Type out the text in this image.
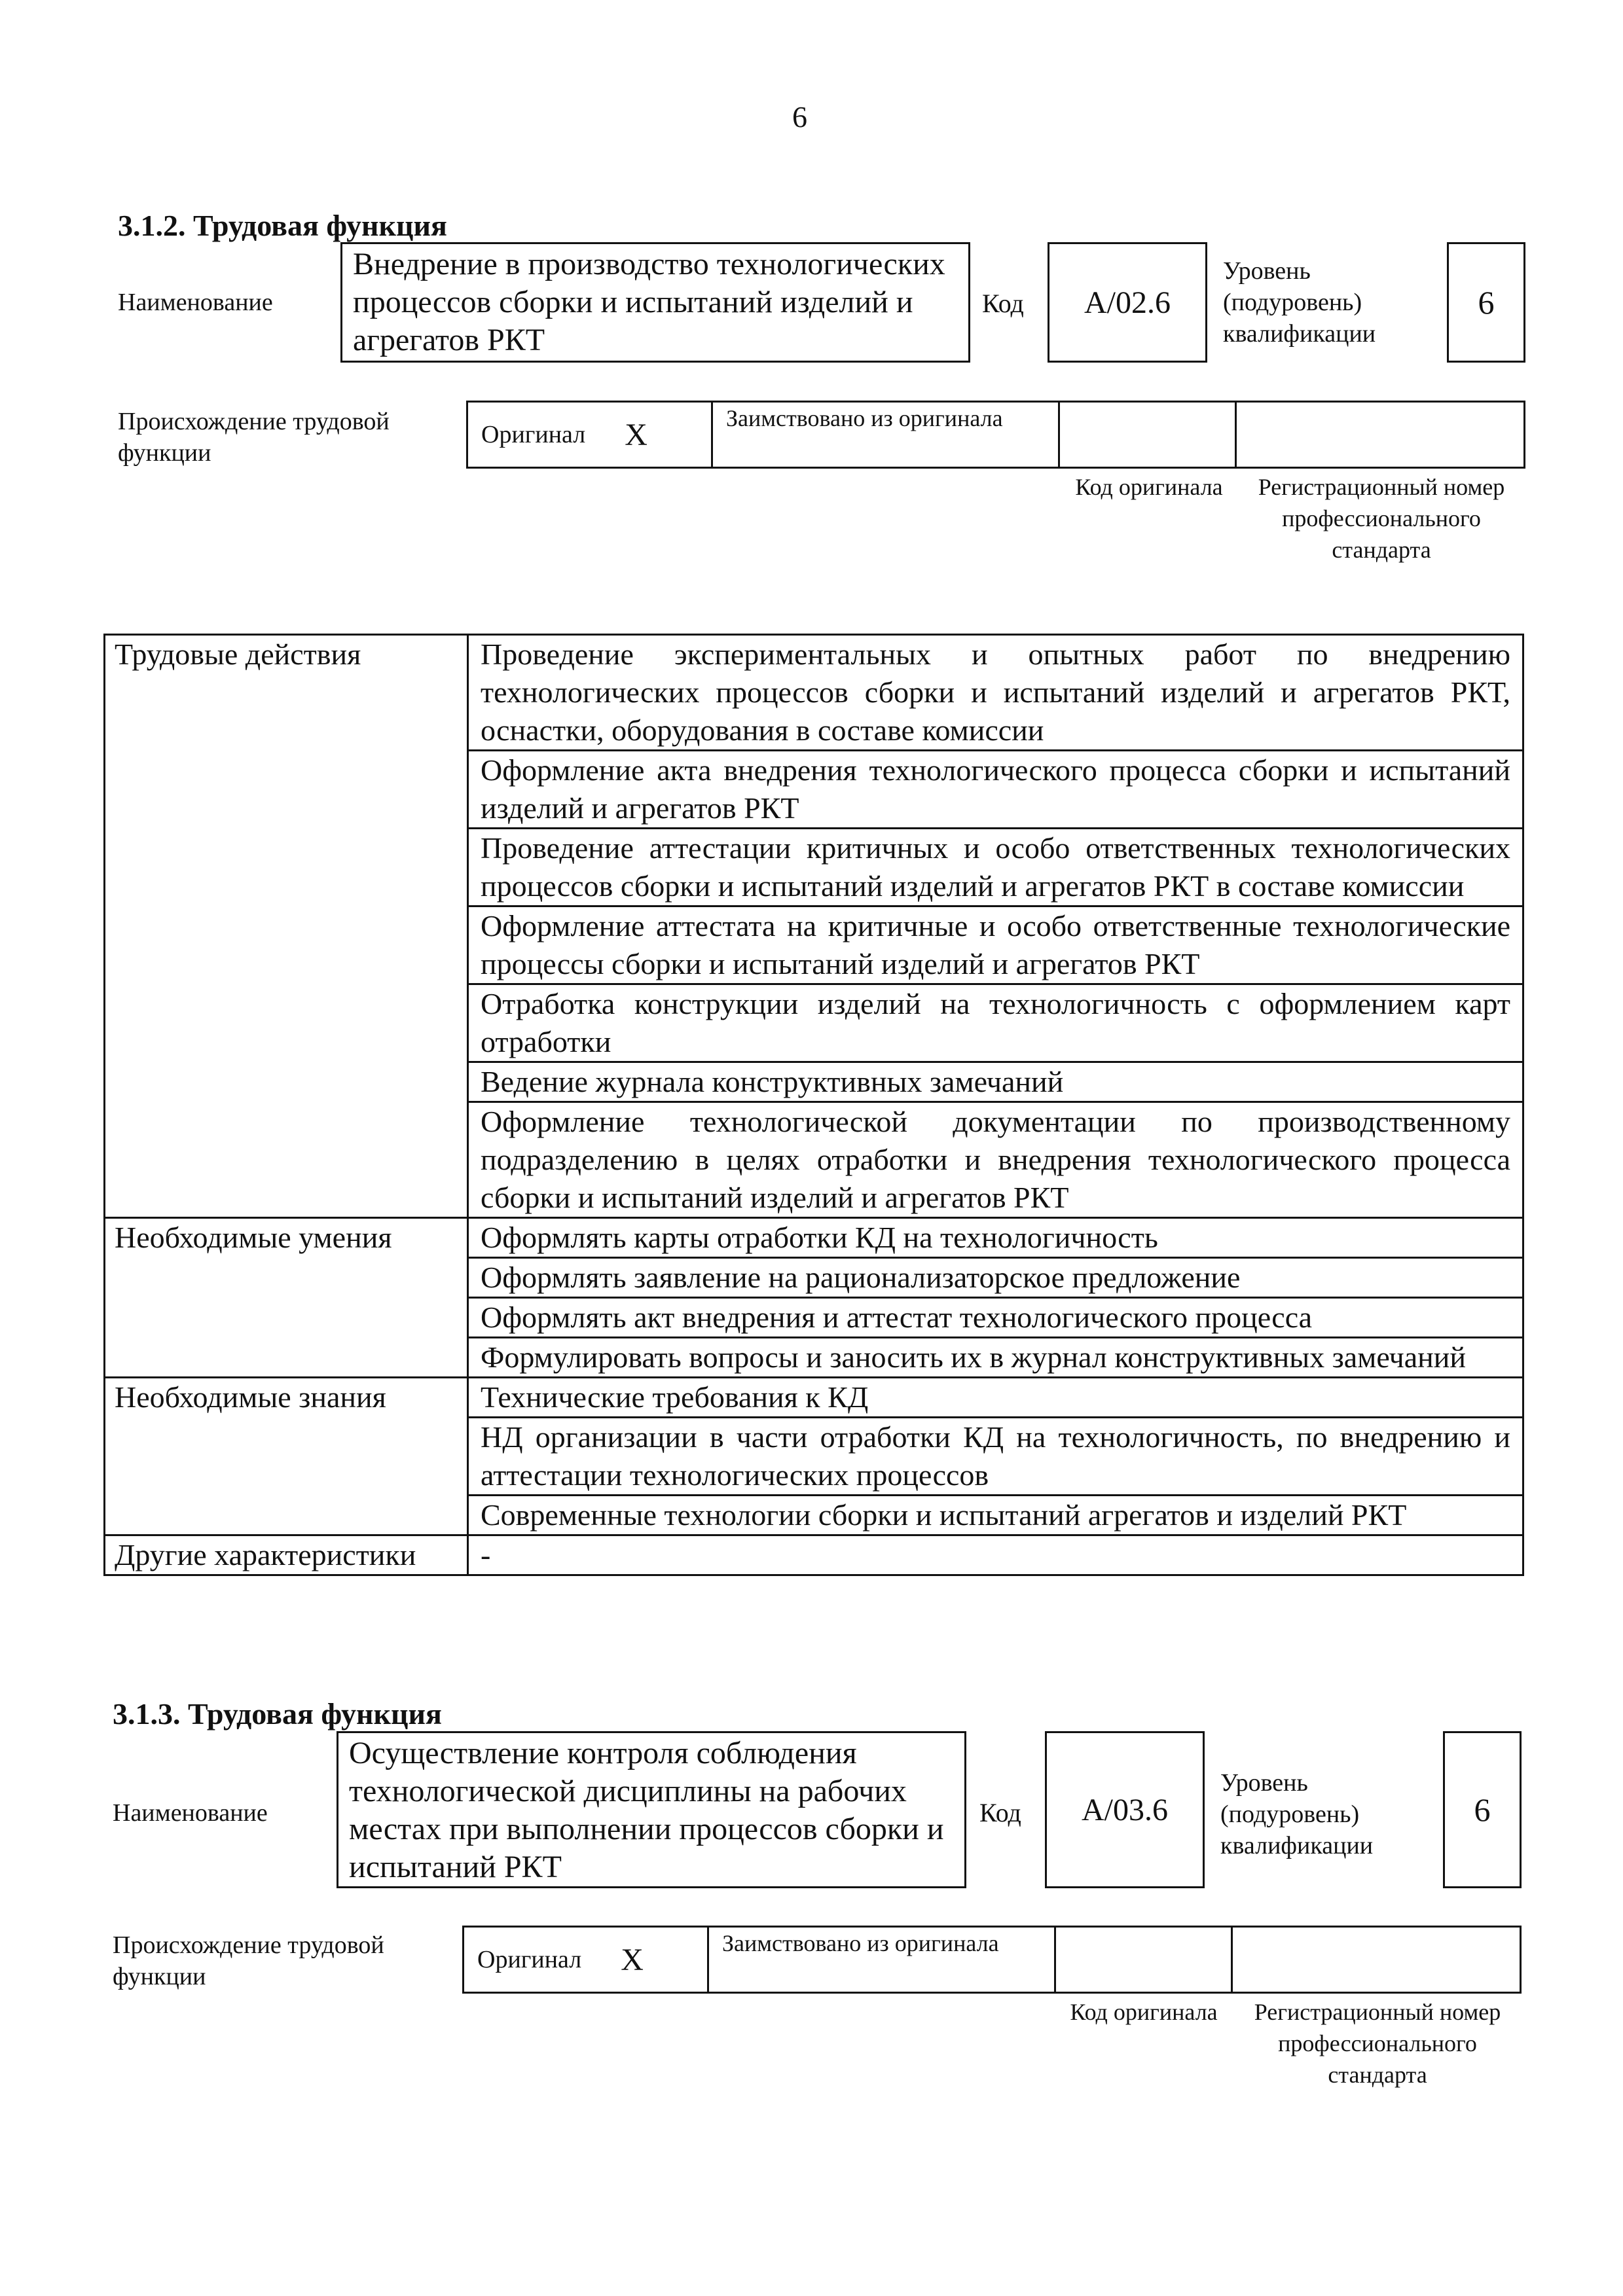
6
3.1.2. Трудовая функция
Наименование
Внедрение в производство технологических процессов сборки и испытаний изделий и агрегатов РКТ
Код А/02.6
Уровень (подуровень) квалификации
6
Происхождение трудовой функции
Оригинал X	Заимствовано из оригинала
Код оригинала	Регистрационный номер профессионального стандарта
Трудовые действия	Проведение экспериментальных и опытных работ по внедрению технологических процессов сборки и испытаний изделий и агрегатов РКТ, оснастки, оборудования в составе комиссии
	Оформление акта внедрения технологического процесса сборки и испытаний изделий и агрегатов РКТ
	Проведение аттестации критичных и особо ответственных технологических процессов сборки и испытаний изделий и агрегатов РКТ в составе комиссии
	Оформление аттестата на критичные и особо ответственные технологические процессы сборки и испытаний изделий и агрегатов РКТ
	Отработка конструкции изделий на технологичность с оформлением карт отработки
	Ведение журнала конструктивных замечаний
	Оформление технологической документации по производственному подразделению в целях отработки и внедрения технологического процесса сборки и испытаний изделий и агрегатов РКТ
Необходимые умения	Оформлять карты отработки КД на технологичность
	Оформлять заявление на рационализаторское предложение
	Оформлять акт внедрения и аттестат технологического процесса
	Формулировать вопросы и заносить их в журнал конструктивных замечаний
Необходимые знания	Технические требования к КД
	НД организации в части отработки КД на технологичность, по внедрению и аттестации технологических процессов
	Современные технологии сборки и испытаний агрегатов и изделий РКТ
Другие характеристики	-
3.1.3. Трудовая функция
Наименование
Осуществление контроля соблюдения технологической дисциплины на рабочих местах при выполнении процессов сборки и испытаний РКТ
Код А/03.6
Уровень (подуровень) квалификации
6
Происхождение трудовой функции
Оригинал X	Заимствовано из оригинала
Код оригинала	Регистрационный номер профессионального стандарта
